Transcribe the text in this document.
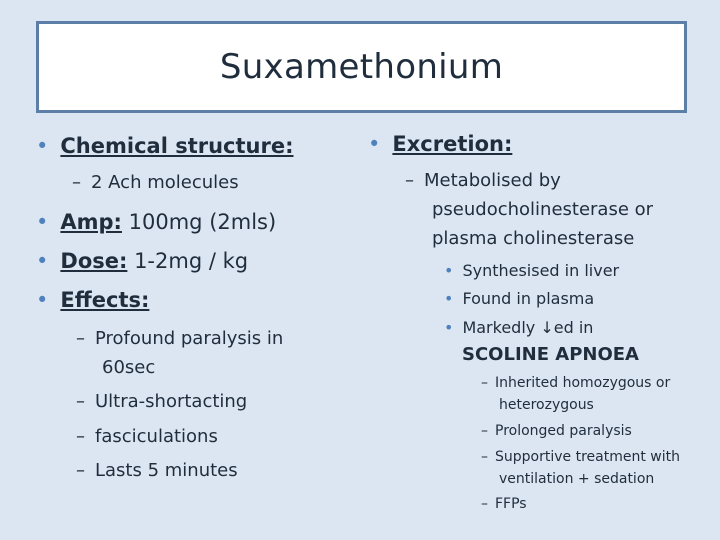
Suxamethonium
• Chemical structure:
– 2 Ach molecules
• Amp: 100mg (2mls)
• Dose: 1-2mg / kg
• Effects:
– Profound paralysis in
60sec
– Ultra-shortacting
– fasciculations
– Lasts 5 minutes
• Excretion:
– Metabolised by
pseudocholinesterase or
plasma cholinesterase
• Synthesised in liver
• Found in plasma
• Markedly ↓ed in
SCOLINE APNOEA
– Inherited homozygous or
heterozygous
– Prolonged paralysis
– Supportive treatment with
ventilation + sedation
– FFPs
